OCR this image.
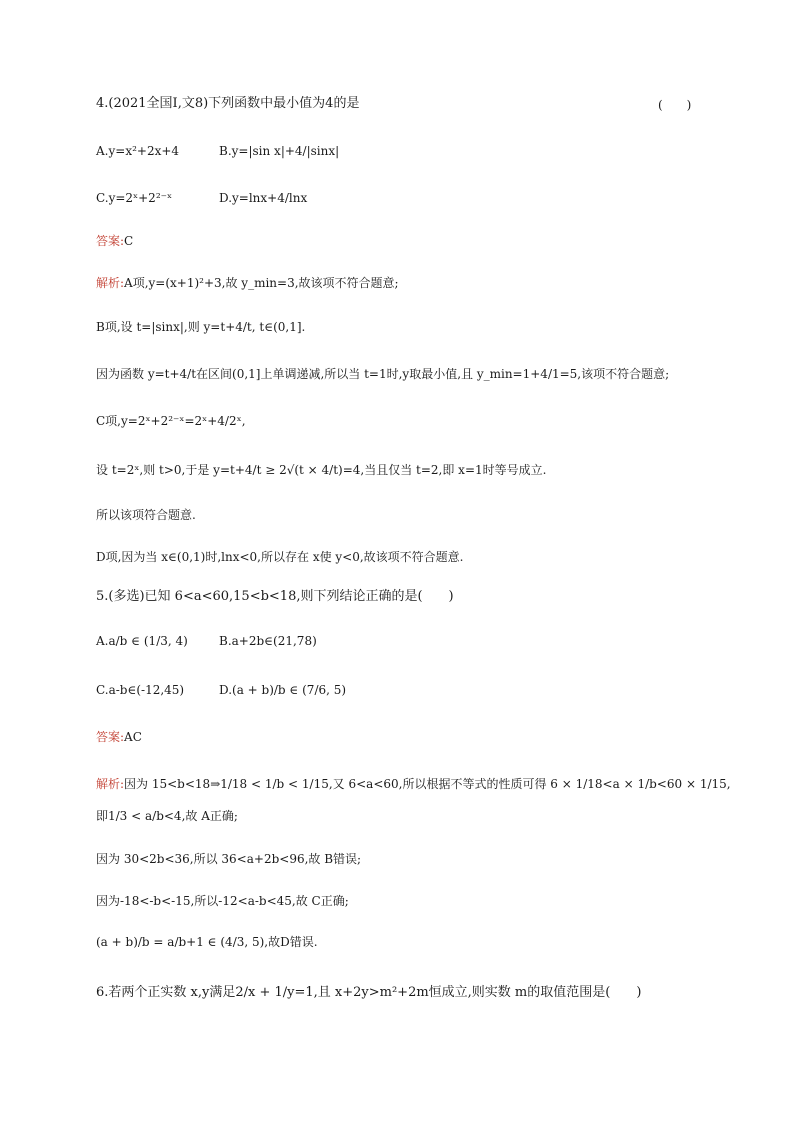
4.(2021全国Ⅰ,文8)下列函数中最小值为4的是	(　　)
A.y=x²+2x+4	B.y=|sin x|+4/|sinx|
C.y=2ˣ+2²⁻ˣ	D.y=lnx+4/lnx
答案:C
解析:A项,y=(x+1)²+3,故 y_min=3,故该项不符合题意;
B项,设 t=|sinx|,则 y=t+4/t, t∈(0,1].
因为函数 y=t+4/t在区间(0,1]上单调递减,所以当 t=1时,y取最小值,且 y_min=1+4/1=5,该项不符合题意;
C项,y=2ˣ+2²⁻ˣ=2ˣ+4/2ˣ,
设 t=2ˣ,则 t>0,于是 y=t+4/t ≥ 2√(t × 4/t)=4,当且仅当 t=2,即 x=1时等号成立.
所以该项符合题意.
D项,因为当 x∈(0,1)时,lnx<0,所以存在 x使 y<0,故该项不符合题意.
5.(多选)已知 6<a<60,15<b<18,则下列结论正确的是(　　)
A.a/b ∈ (1/3, 4)	B.a+2b∈(21,78)
C.a-b∈(-12,45)	D.(a + b)/b ∈ (7/6, 5)
答案:AC
解析:因为 15<b<18⇒1/18 < 1/b < 1/15,又 6<a<60,所以根据不等式的性质可得 6 × 1/18<a × 1/b<60 × 1/15,
即1/3 < a/b<4,故 A正确;
因为 30<2b<36,所以 36<a+2b<96,故 B错误;
因为-18<-b<-15,所以-12<a-b<45,故 C正确;
(a + b)/b = a/b+1 ∈ (4/3, 5),故D错误.
6.若两个正实数 x,y满足2/x + 1/y=1,且 x+2y>m²+2m恒成立,则实数 m的取值范围是(　　)
